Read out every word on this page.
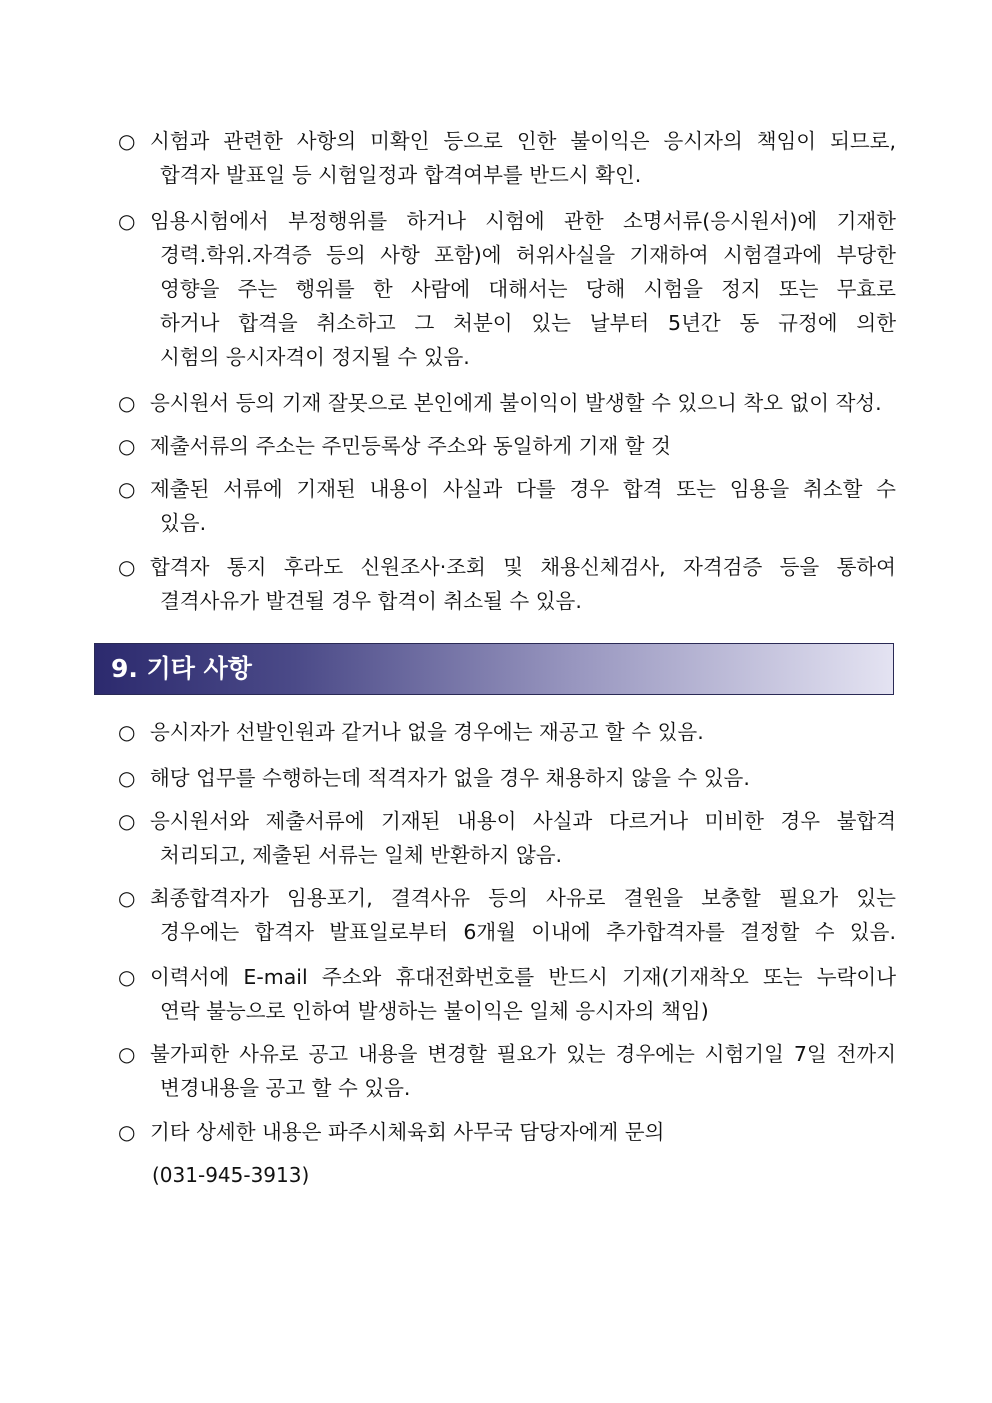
○ 시험과 관련한 사항의 미확인 등으로 인한 불이익은 응시자의 책임이 되므로,
합격자 발표일 등 시험일정과 합격여부를 반드시 확인.
○ 임용시험에서 부정행위를 하거나 시험에 관한 소명서류(응시원서)에 기재한
경력.학위.자격증 등의 사항 포함)에 허위사실을 기재하여 시험결과에 부당한
영향을 주는 행위를 한 사람에 대해서는 당해 시험을 정지 또는 무효로
하거나 합격을 취소하고 그 처분이 있는 날부터 5년간 동 규정에 의한
시험의 응시자격이 정지될 수 있음.
○ 응시원서 등의 기재 잘못으로 본인에게 불이익이 발생할 수 있으니 착오 없이 작성.
○ 제출서류의 주소는 주민등록상 주소와 동일하게 기재 할 것
○ 제출된 서류에 기재된 내용이 사실과 다를 경우 합격 또는 임용을 취소할 수
있음.
○ 합격자 통지 후라도 신원조사·조회 및 채용신체검사, 자격검증 등을 통하여
결격사유가 발견될 경우 합격이 취소될 수 있음.
9. 기타 사항
○ 응시자가 선발인원과 같거나 없을 경우에는 재공고 할 수 있음.
○ 해당 업무를 수행하는데 적격자가 없을 경우 채용하지 않을 수 있음.
○ 응시원서와 제출서류에 기재된 내용이 사실과 다르거나 미비한 경우 불합격
처리되고, 제출된 서류는 일체 반환하지 않음.
○ 최종합격자가 임용포기, 결격사유 등의 사유로 결원을 보충할 필요가 있는
경우에는 합격자 발표일로부터 6개월 이내에 추가합격자를 결정할 수 있음.
○ 이력서에 E-mail 주소와 휴대전화번호를 반드시 기재(기재착오 또는 누락이나
연락 불능으로 인하여 발생하는 불이익은 일체 응시자의 책임)
○ 불가피한 사유로 공고 내용을 변경할 필요가 있는 경우에는 시험기일 7일 전까지
변경내용을 공고 할 수 있음.
○ 기타 상세한 내용은 파주시체육회 사무국 담당자에게 문의
(031-945-3913)
